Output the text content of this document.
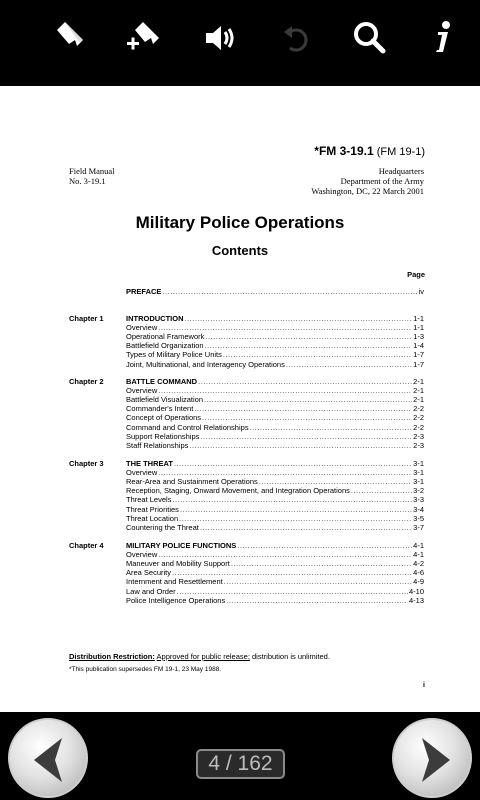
*FM 3-19.1 (FM 19-1)
Field Manual
No. 3-19.1
Headquarters
Department of the Army
Washington, DC, 22 March 2001
Military Police Operations
Contents
Page
PREFACE .....	iv
Chapter 1	INTRODUCTION .....	1-1
Overview .....	1-1
Operational Framework .....	1-3
Battlefield Organization .....	1-4
Types of Military Police Units .....	1-7
Joint, Multinational, and Interagency Operations .....	1-7
Chapter 2	BATTLE COMMAND .....	2-1
Overview .....	2-1
Battlefield Visualization .....	2-1
Commander's Intent .....	2-2
Concept of Operations .....	2-2
Command and Control Relationships .....	2-2
Support Relationships .....	2-3
Staff Relationships .....	2-3
Chapter 3	THE THREAT .....	3-1
Overview .....	3-1
Rear-Area and Sustainment Operations .....	3-1
Reception, Staging, Onward Movement, and Integration Operations .....	3-2
Threat Levels .....	3-3
Threat Priorities .....	3-4
Threat Location .....	3-5
Countering the Threat .....	3-7
Chapter 4	MILITARY POLICE FUNCTIONS .....	4-1
Overview .....	4-1
Maneuver and Mobility Support .....	4-2
Area Security .....	4-6
Internment and Resettlement .....	4-9
Law and Order .....	4-10
Police Intelligence Operations .....	4-13
Distribution Restriction: Approved for public release; distribution is unlimited.
*This publication supersedes FM 19-1, 23 May 1988.
i
4 / 162
